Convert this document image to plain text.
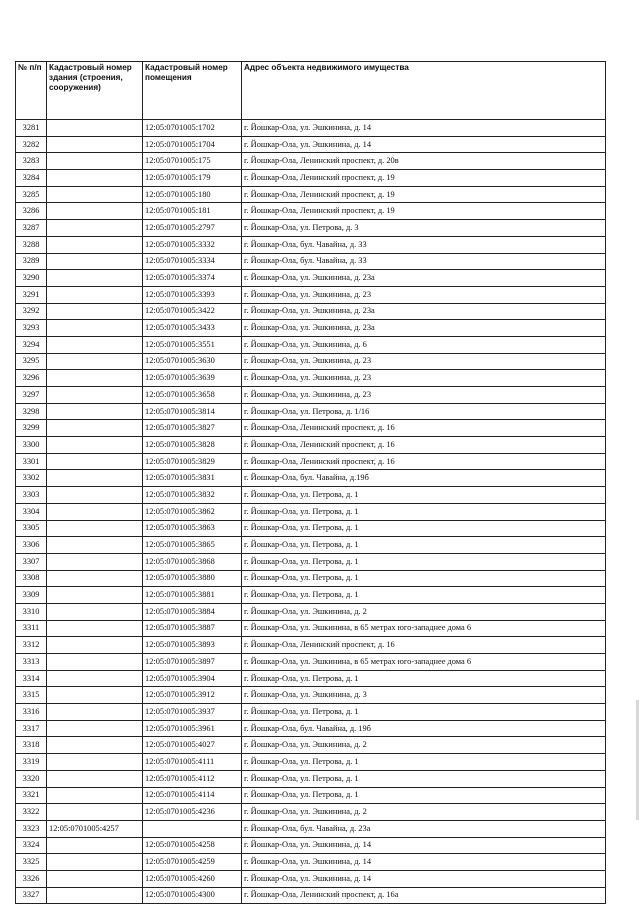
№ п/п	Кадастровый номер здания (строения, сооружения)	Кадастровый номер помещения	Адрес объекта недвижимого имущества
3281		12:05:0701005:1702	г. Йошкар-Ола, ул. Эшкинина, д. 14
3282		12:05:0701005:1704	г. Йошкар-Ола, ул. Эшкинина, д. 14
3283		12:05:0701005:175	г. Йошкар-Ола, Ленинский проспект, д. 20в
3284		12:05:0701005:179	г. Йошкар-Ола, Ленинский проспект, д. 19
3285		12:05:0701005:180	г. Йошкар-Ола, Ленинский проспект, д. 19
3286		12:05:0701005:181	г. Йошкар-Ола, Ленинский проспект, д. 19
3287		12:05:0701005:2797	г. Йошкар-Ола, ул. Петрова, д. 3
3288		12:05:0701005:3332	г. Йошкар-Ола, бул. Чавайна, д. 33
3289		12:05:0701005:3334	г. Йошкар-Ола, бул. Чавайна, д. 33
3290		12:05:0701005:3374	г. Йошкар-Ола, ул. Эшкинина, д. 23а
3291		12:05:0701005:3393	г. Йошкар-Ола, ул. Эшкинина, д. 23
3292		12:05:0701005:3422	г. Йошкар-Ола, ул. Эшкинина, д. 23а
3293		12:05:0701005:3433	г. Йошкар-Ола, ул. Эшкинина, д. 23а
3294		12:05:0701005:3551	г. Йошкар-Ола, ул. Эшкинина, д. 6
3295		12:05:0701005:3630	г. Йошкар-Ола, ул. Эшкинина, д. 23
3296		12:05:0701005:3639	г. Йошкар-Ола, ул. Эшкинина, д. 23
3297		12:05:0701005:3658	г. Йошкар-Ола, ул. Эшкинина, д. 23
3298		12:05:0701005:3814	г. Йошкар-Ола, ул. Петрова, д. 1/16
3299		12:05:0701005:3827	г. Йошкар-Ола, Ленинский проспект, д. 16
3300		12:05:0701005:3828	г. Йошкар-Ола, Ленинский проспект, д. 16
3301		12:05:0701005:3829	г. Йошкар-Ола, Ленинский проспект, д. 16
3302		12:05:0701005:3831	г. Йошкар-Ола, бул. Чавайна, д.19б
3303		12:05:0701005:3832	г. Йошкар-Ола, ул. Петрова, д. 1
3304		12:05:0701005:3862	г. Йошкар-Ола, ул. Петрова, д. 1
3305		12:05:0701005:3863	г. Йошкар-Ола, ул. Петрова, д. 1
3306		12:05:0701005:3865	г. Йошкар-Ола, ул. Петрова, д. 1
3307		12:05:0701005:3868	г. Йошкар-Ола, ул. Петрова, д. 1
3308		12:05:0701005:3880	г. Йошкар-Ола, ул. Петрова, д. 1
3309		12:05:0701005:3881	г. Йошкар-Ола, ул. Петрова, д. 1
3310		12:05:0701005:3884	г. Йошкар-Ола, ул. Эшкинина, д. 2
3311		12:05:0701005:3887	г. Йошкар-Ола, ул. Эшкинина, в 65 метрах юго-западнее дома 6
3312		12:05:0701005:3893	г. Йошкар-Ола, Ленинский проспект, д. 16
3313		12:05:0701005:3897	г. Йошкар-Ола, ул. Эшкинина, в 65 метрах юго-западнее дома 6
3314		12:05:0701005:3904	г. Йошкар-Ола, ул. Петрова, д. 1
3315		12:05:0701005:3912	г. Йошкар-Ола, ул. Эшкинина, д. 3
3316		12:05:0701005:3937	г. Йошкар-Ола, ул. Петрова, д. 1
3317		12:05:0701005:3961	г. Йошкар-Ола, бул. Чавайна, д. 19б
3318		12:05:0701005:4027	г. Йошкар-Ола, ул. Эшкинина, д. 2
3319		12:05:0701005:4111	г. Йошкар-Ола, ул. Петрова, д. 1
3320		12:05:0701005:4112	г. Йошкар-Ола, ул. Петрова, д. 1
3321		12:05:0701005:4114	г. Йошкар-Ола, ул. Петрова, д. 1
3322		12:05:0701005:4236	г. Йошкар-Ола, ул. Эшкинина, д. 2
3323	12:05:0701005:4257		г. Йошкар-Ола, бул. Чавайна, д. 23а
3324		12:05:0701005:4258	г. Йошкар-Ола, ул. Эшкинина, д. 14
3325		12:05:0701005:4259	г. Йошкар-Ола, ул. Эшкинина, д. 14
3326		12:05:0701005:4260	г. Йошкар-Ола, ул. Эшкинина, д. 14
3327		12:05:0701005:4300	г. Йошкар-Ола, Ленинский проспект, д. 16а
